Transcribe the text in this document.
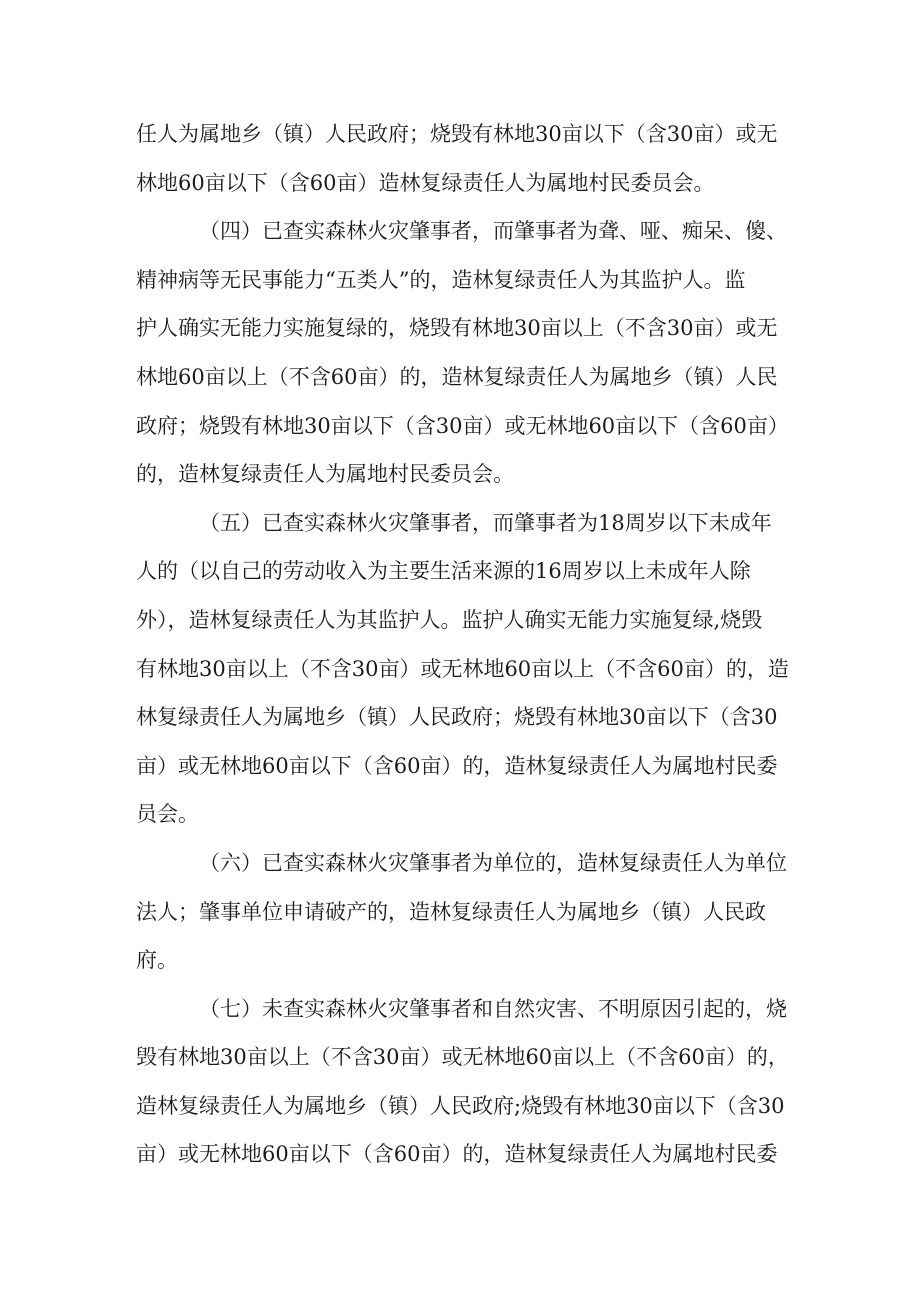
任人为属地乡（镇）人民政府；烧毁有林地30亩以下（含30亩）或无
林地60亩以下（含60亩）造林复绿责任人为属地村民委员会。
（四）已查实森林火灾肇事者，而肇事者为聋、哑、痴呆、傻、
精神病等无民事能力“五类人”的，造林复绿责任人为其监护人。监
护人确实无能力实施复绿的，烧毁有林地30亩以上（不含30亩）或无
林地60亩以上（不含60亩）的，造林复绿责任人为属地乡（镇）人民
政府；烧毁有林地30亩以下（含30亩）或无林地60亩以下（含60亩）
的，造林复绿责任人为属地村民委员会。
（五）已查实森林火灾肇事者，而肇事者为18周岁以下未成年
人的（以自己的劳动收入为主要生活来源的16周岁以上未成年人除
外），造林复绿责任人为其监护人。监护人确实无能力实施复绿,烧毁
有林地30亩以上（不含30亩）或无林地60亩以上（不含60亩）的，造
林复绿责任人为属地乡（镇）人民政府；烧毁有林地30亩以下（含30
亩）或无林地60亩以下（含60亩）的，造林复绿责任人为属地村民委
员会。
（六）已查实森林火灾肇事者为单位的，造林复绿责任人为单位
法人；肇事单位申请破产的，造林复绿责任人为属地乡（镇）人民政
府。
（七）未查实森林火灾肇事者和自然灾害、不明原因引起的，烧
毁有林地30亩以上（不含30亩）或无林地60亩以上（不含60亩）的，
造林复绿责任人为属地乡（镇）人民政府;烧毁有林地30亩以下（含30
亩）或无林地60亩以下（含60亩）的，造林复绿责任人为属地村民委
